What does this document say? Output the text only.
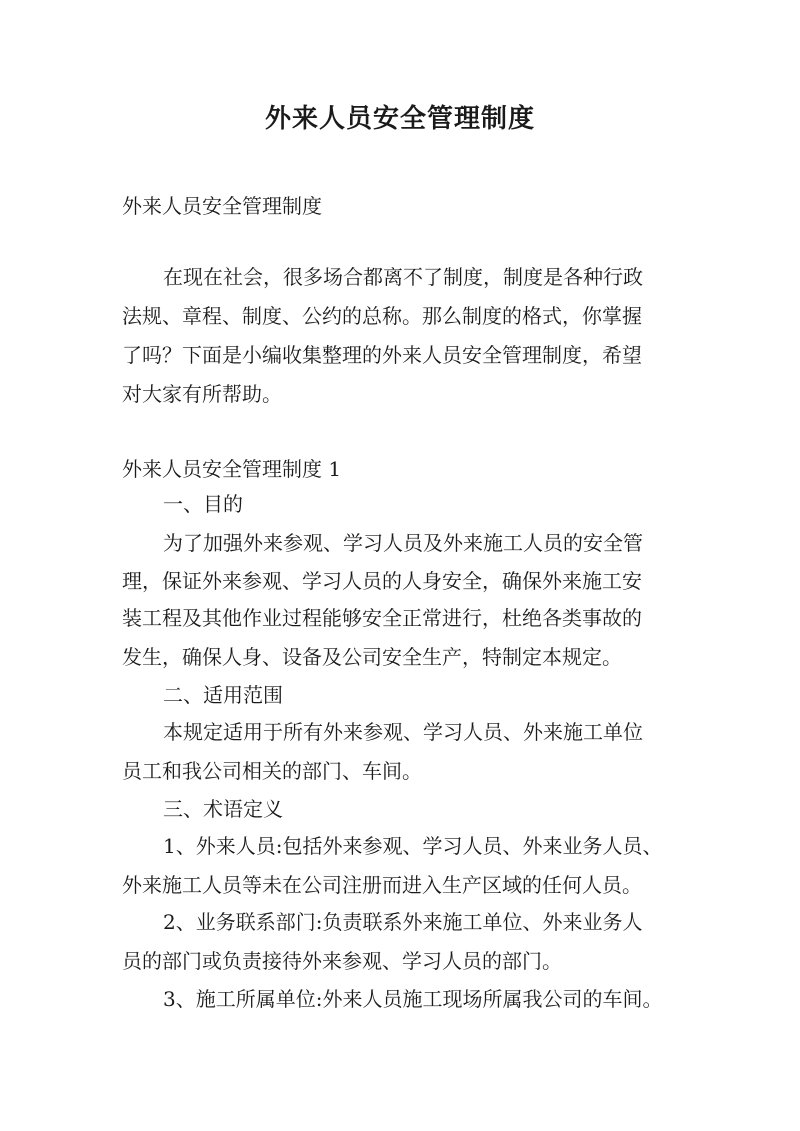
外来人员安全管理制度
外来人员安全管理制度
在现在社会，很多场合都离不了制度，制度是各种行政
法规、章程、制度、公约的总称。那么制度的格式，你掌握
了吗？下面是小编收集整理的外来人员安全管理制度，希望
对大家有所帮助。
外来人员安全管理制度 1
一、目的
为了加强外来参观、学习人员及外来施工人员的安全管
理，保证外来参观、学习人员的人身安全，确保外来施工安
装工程及其他作业过程能够安全正常进行，杜绝各类事故的
发生，确保人身、设备及公司安全生产，特制定本规定。
二、适用范围
本规定适用于所有外来参观、学习人员、外来施工单位
员工和我公司相关的部门、车间。
三、术语定义
1、外来人员:包括外来参观、学习人员、外来业务人员、
外来施工人员等未在公司注册而进入生产区域的任何人员。
2、业务联系部门:负责联系外来施工单位、外来业务人
员的部门或负责接待外来参观、学习人员的部门。
3、施工所属单位:外来人员施工现场所属我公司的车间。
